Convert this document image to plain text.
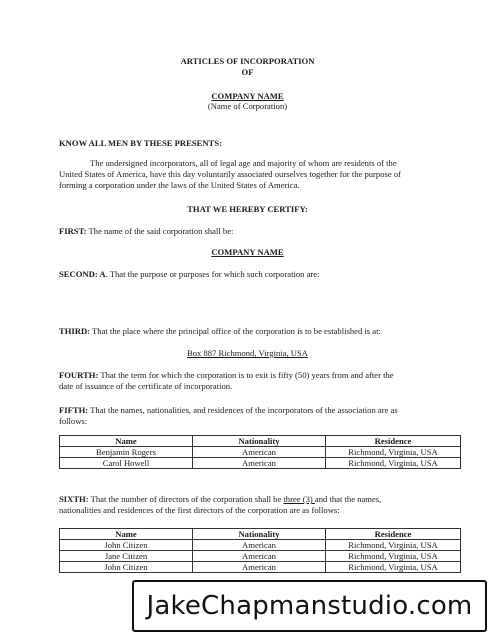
ARTICLES OF INCORPORATION
OF
COMPANY NAME
(Name of Corporation)
KNOW ALL MEN BY THESE PRESENTS:
The undersigned incorporators, all of legal age and majority of whom are residents of the
United States of America, have this day voluntarily associated ourselves together for the purpose of
forming a corporation under the laws of the United States of America.
THAT WE HEREBY CERTIFY:
FIRST: The name of the said corporation shall be:
COMPANY NAME
SECOND: A. That the purpose or purposes for which such corporation are:
THIRD: That the place where the principal office of the corporation is to be established is at:
Box 887 Richmond, Virginia, USA
FOURTH: That the term for which the corporation is to exit is fifty (50) years from and after the
date of issuance of the certificate of incorporation.
FIFTH: That the names, nationalities, and residences of the incorporators of the association are as
follows:
Name	Nationality	Residence
Benjamin Rogers	American	Richmond, Virginia, USA
Carol Howell	American	Richmond, Virginia, USA
SIXTH: That the number of directors of the corporation shall be three (3) and that the names,
nationalities and residences of the first directors of the corporation are as follows:
Name	Nationality	Residence
John Citizen	American	Richmond, Virginia, USA
Jane Citizen	American	Richmond, Virginia, USA
John Citizen	American	Richmond, Virginia, USA
JakeChapmanstudio.com
